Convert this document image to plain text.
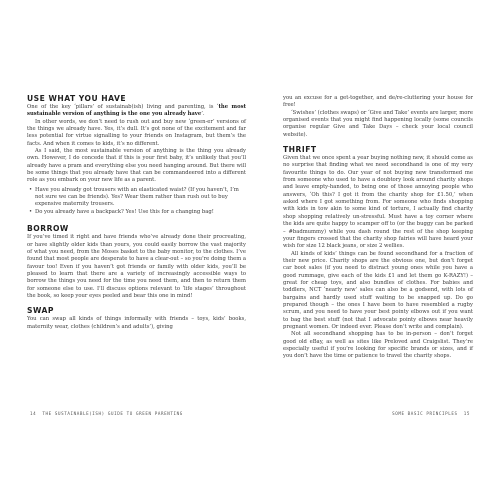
USE WHAT YOU HAVE

One of the key ‘pillars’ of sustainab(ish) living and parenting, is ‘the most sustainable version of anything is the one you already have’.

In other words, we don’t need to rush out and buy new ‘green-er’ versions of the things we already have. Yes, it’s dull. It’s got none of the excitement and far less potential for virtue signalling to your friends on Instagram, but them’s the facts. And when it comes to kids, it’s no different.

As I said, the most sustainable version of anything is the thing you already own. However, I do concede that if this is your first baby, it’s unlikely that you’ll already have a pram and everything else you need hanging around. But there will be some things that you already have that can be commandeered into a different role as you embark on your new life as a parent.

• Have you already got trousers with an elasticated waist? (If you haven’t, I’m not sure we can be friends). Yes? Wear them rather than rush out to buy expensive maternity trousers.
• Do you already have a backpack? Yes! Use this for a changing bag!
BORROW

If you’ve timed it right and have friends who’ve already done their procreating, or have slightly older kids than yours, you could easily borrow the vast majority of what you need, from the Moses basket to the baby monitor, to the clothes. I’ve found that most people are desperate to have a clear-out – so you’re doing them a favour too! Even if you haven’t got friends or family with older kids, you’ll be pleased to learn that there are a variety of increasingly accessible ways to borrow the things you need for the time you need them, and then to return them for someone else to use. I’ll discuss options relevant to ‘life stages’ throughout the book, so keep your eyes peeled and bear this one in mind!

SWAP

You can swap all kinds of things informally with friends – toys, kids’ books, maternity wear, clothes (children’s and adults’), giving

you an excuse for a get-together, and de/re-cluttering your house for free!

‘Swishes’ (clothes swaps) or ‘Give and Take’ events are larger, more organised events that you might find happening locally (some councils organise regular Give and Take Days – check your local council website).

THRIFT

Given that we once spent a year buying nothing new, it should come as no surprise that finding what we need secondhand is one of my very favourite things to do. Our year of not buying new transformed me from someone who used to have a doubtory look around charity shops and leave empty-handed, to being one of those annoying people who answers, ‘Oh this? I got it from the charity shop for £1.50,’ when asked where I got something from. For someone who finds shopping with kids in tow akin to some kind of torture, I actually find charity shop shopping relatively un-stressful. Must have a toy corner where the kids are quite happy to scamper off to (or the buggy can be parked – #badmummy) while you dash round the rest of the shop keeping your fingers crossed that the charity shop fairies will have heard your wish for size 12 black jeans, or size 2 wellies.

All kinds of kids’ things can be found secondhand for a fraction of their new price. Charity shops are the obvious one, but don’t forget car boot sales (if you need to distract young ones while you have a good rummage, give each of the kids £1 and let them go K-RAZY!) – great for cheap toys, and also bundles of clothes. For babies and toddlers, NCT ‘nearly new’ sales can also be a godsend, with lots of bargains and hardly used stuff waiting to be snapped up. Do go prepared though – the ones I have been to have resembled a rugby scrum, and you need to have your best pointy elbows out if you want to bag the best stuff (not that I advocate pointy elbows near heavily pregnant women. Or indeed ever. Please don’t write and complain).

Not all secondhand shopping has to be in-person – don’t forget good old eBay, as well as sites like Preloved and Craigslist. They’re especially useful if you’re looking for specific brands or sizes, and if you don’t have the time or patience to travel the charity shops.

14 THE SUSTAINABLE(ISH) GUIDE TO GREEN PARENTING	SOME BASIC PRINCIPLES 15
